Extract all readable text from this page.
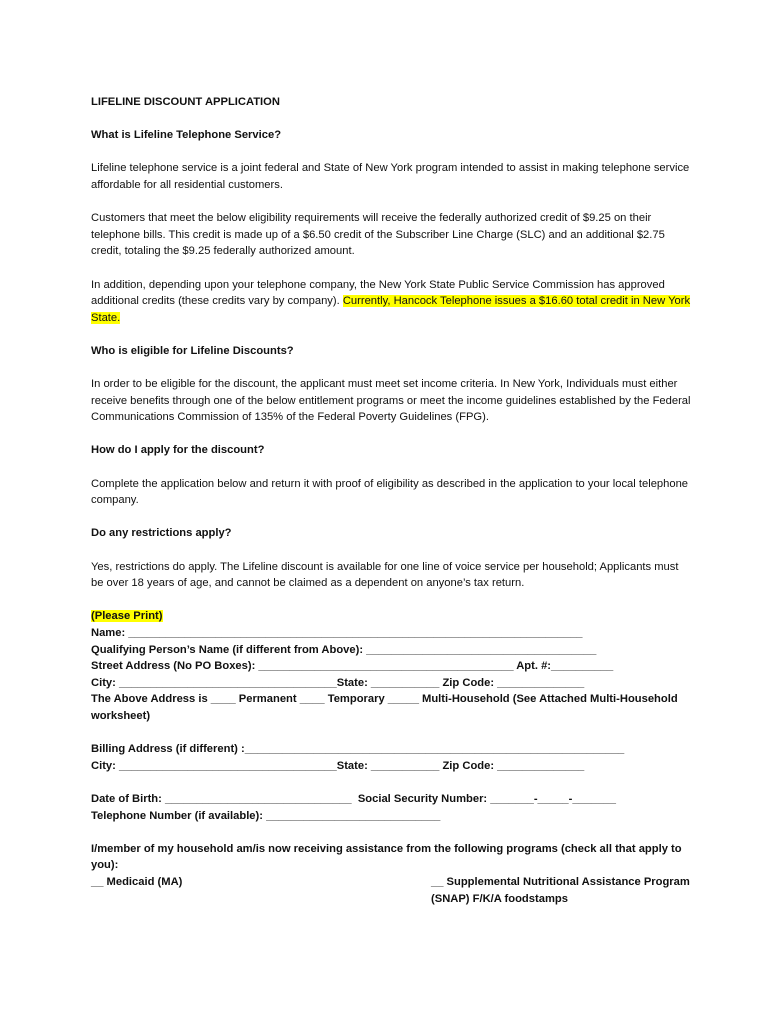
LIFELINE DISCOUNT APPLICATION

What is Lifeline Telephone Service?

Lifeline telephone service is a joint federal and State of New York program intended to assist in making telephone service affordable for all residential customers.

Customers that meet the below eligibility requirements will receive the federally authorized credit of $9.25 on their telephone bills. This credit is made up of a $6.50 credit of the Subscriber Line Charge (SLC) and an additional $2.75 credit, totaling the $9.25 federally authorized amount.

In addition, depending upon your telephone company, the New York State Public Service Commission has approved additional credits (these credits vary by company). Currently, Hancock Telephone issues a $16.60 total credit in New York State.

Who is eligible for Lifeline Discounts?

In order to be eligible for the discount, the applicant must meet set income criteria. In New York, Individuals must either receive benefits through one of the below entitlement programs or meet the income guidelines established by the Federal Communications Commission of 135% of the Federal Poverty Guidelines (FPG).

How do I apply for the discount?

Complete the application below and return it with proof of eligibility as described in the application to your local telephone company.

Do any restrictions apply?

Yes, restrictions do apply. The Lifeline discount is available for one line of voice service per household; Applicants must be over 18 years of age, and cannot be claimed as a dependent on anyone’s tax return.

(Please Print)

Name: _________________________________________________________________________

Qualifying Person’s Name (if different from Above): _____________________________________

Street Address (No PO Boxes): _________________________________________ Apt. #:__________

City: ___________________________________State: ___________ Zip Code: ______________

The Above Address is ____ Permanent ____ Temporary _____ Multi-Household (See Attached Multi-Household worksheet)

Billing Address (if different) :_____________________________________________________________

City: ___________________________________State: ___________ Zip Code: ______________

Date of Birth: ______________________________  Social Security Number: _______-_____-_______

Telephone Number (if available): ____________________________

I/member of my household am/is now receiving assistance from the following programs (check all that apply to you):

__ Medicaid (MA)	__ Supplemental Nutritional Assistance Program (SNAP) F/K/A foodstamps
